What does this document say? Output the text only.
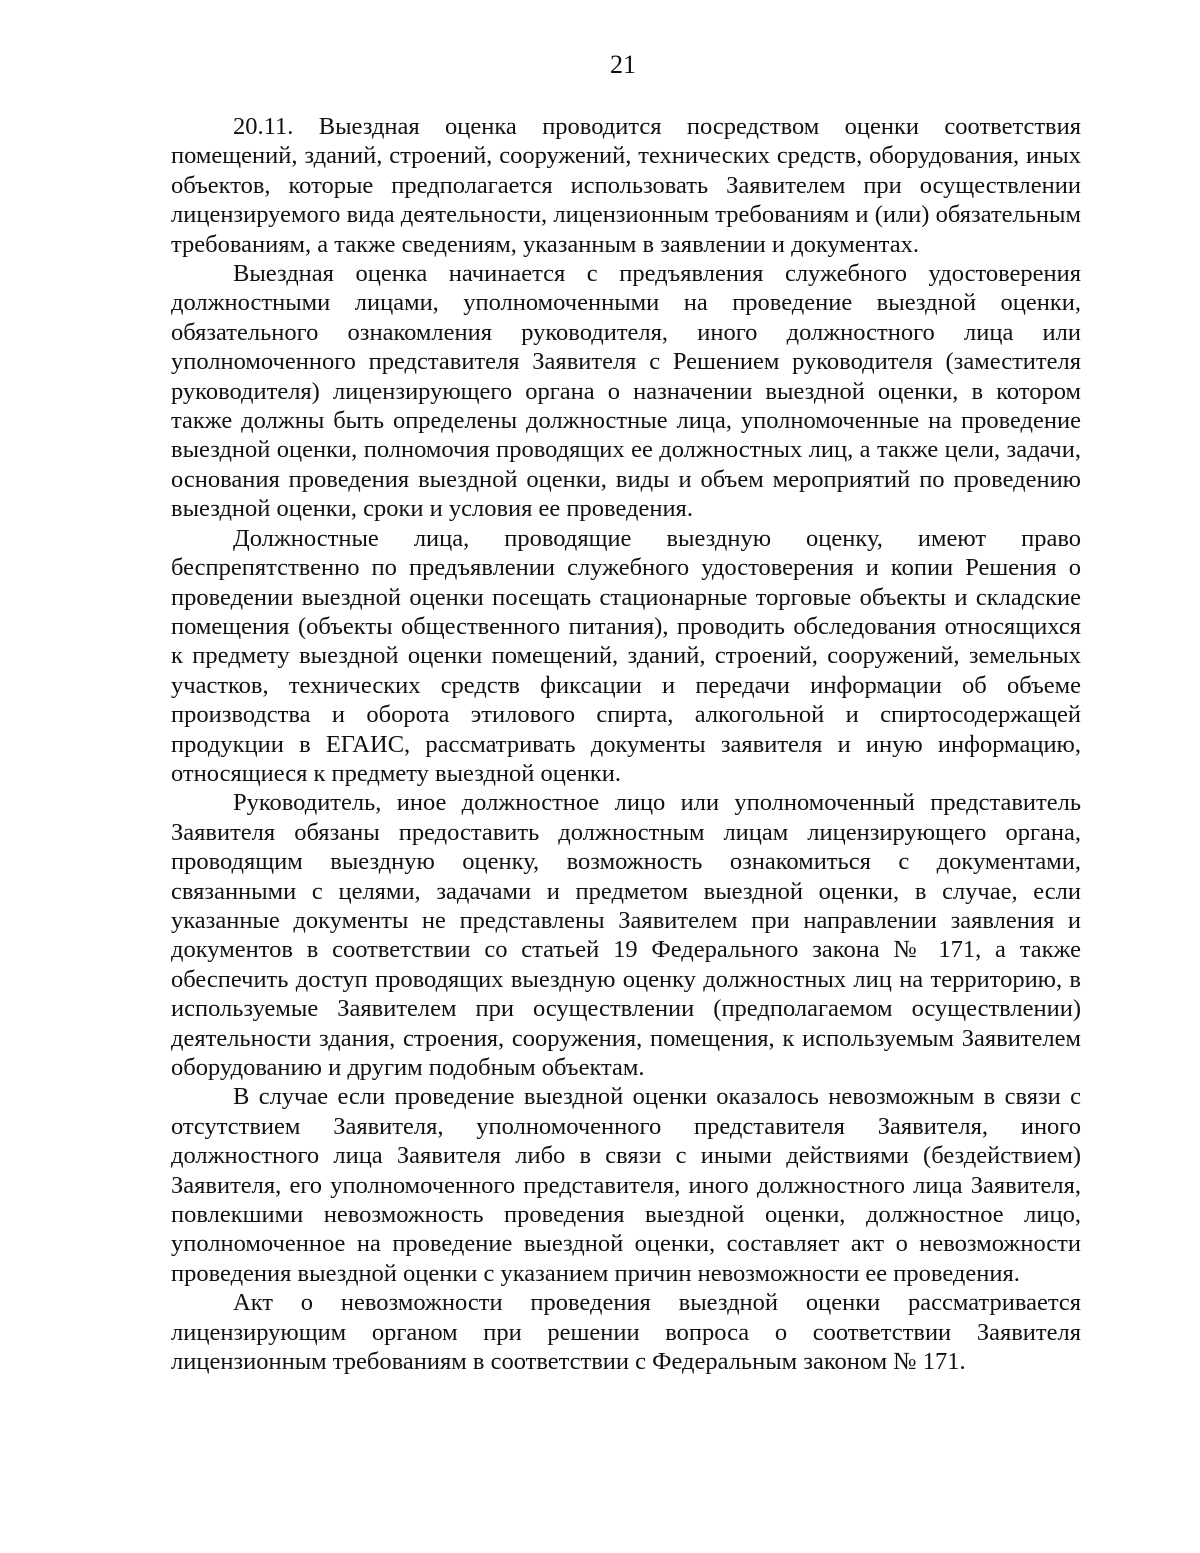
21

20.11. Выездная оценка проводится посредством оценки соответствия помещений, зданий, строений, сооружений, технических средств, оборудования, иных объектов, которые предполагается использовать Заявителем при осуществлении лицензируемого вида деятельности, лицензионным требованиям и (или) обязательным требованиям, а также сведениям, указанным в заявлении и документах.

Выездная оценка начинается с предъявления служебного удостоверения должностными лицами, уполномоченными на проведение выездной оценки, обязательного ознакомления руководителя, иного должностного лица или уполномоченного представителя Заявителя с Решением руководителя (заместителя руководителя) лицензирующего органа о назначении выездной оценки, в котором также должны быть определены должностные лица, уполномоченные на проведение выездной оценки, полномочия проводящих ее должностных лиц, а также цели, задачи, основания проведения выездной оценки, виды и объем мероприятий по проведению выездной оценки, сроки и условия ее проведения.

Должностные лица, проводящие выездную оценку, имеют право беспрепятственно по предъявлении служебного удостоверения и копии Решения о проведении выездной оценки посещать стационарные торговые объекты и складские помещения (объекты общественного питания), проводить обследования относящихся к предмету выездной оценки помещений, зданий, строений, сооружений, земельных участков, технических средств фиксации и передачи информации об объеме производства и оборота этилового спирта, алкогольной и спиртосодержащей продукции в ЕГАИС, рассматривать документы заявителя и иную информацию, относящиеся к предмету выездной оценки.

Руководитель, иное должностное лицо или уполномоченный представитель Заявителя обязаны предоставить должностным лицам лицензирующего органа, проводящим выездную оценку, возможность ознакомиться с документами, связанными с целями, задачами и предметом выездной оценки, в случае, если указанные документы не представлены Заявителем при направлении заявления и документов в соответствии со статьей 19 Федерального закона № 171, а также обеспечить доступ проводящих выездную оценку должностных лиц на территорию, в используемые Заявителем при осуществлении (предполагаемом осуществлении) деятельности здания, строения, сооружения, помещения, к используемым Заявителем оборудованию и другим подобным объектам.

В случае если проведение выездной оценки оказалось невозможным в связи с отсутствием Заявителя, уполномоченного представителя Заявителя, иного должностного лица Заявителя либо в связи с иными действиями (бездействием) Заявителя, его уполномоченного представителя, иного должностного лица Заявителя, повлекшими невозможность проведения выездной оценки, должностное лицо, уполномоченное на проведение выездной оценки, составляет акт о невозможности проведения выездной оценки с указанием причин невозможности ее проведения.

Акт о невозможности проведения выездной оценки рассматривается лицензирующим органом при решении вопроса о соответствии Заявителя лицензионным требованиям в соответствии с Федеральным законом № 171.
